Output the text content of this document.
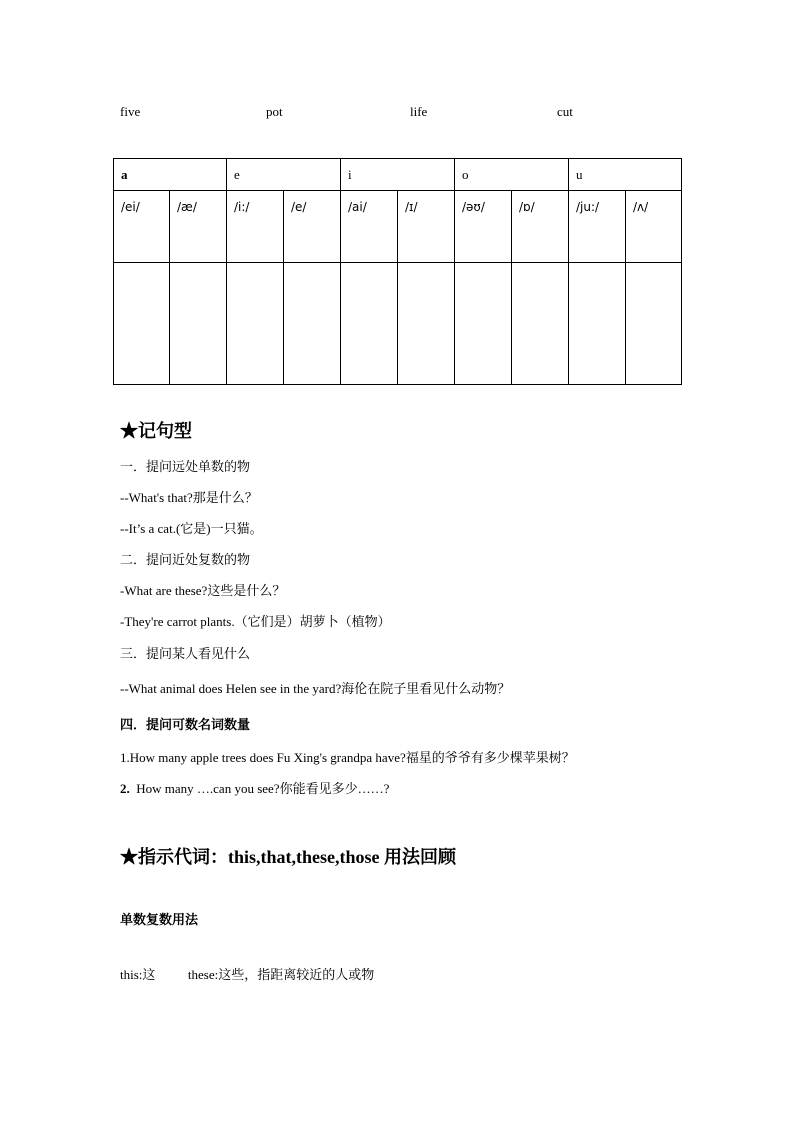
five	pot	life	cut
a		e		i		o		u	
/ei/	/æ/	/i:/	/e/	/ai/	/ɪ/	/əʊ/	/ɒ/	/ju:/	/ʌ/

★记句型
一．提问远处单数的物
--What's that?那是什么？
--It’s a cat.(它是)一只猫。
二．提问近处复数的物
-What are these?这些是什么？
-They're carrot plants.（它们是）胡萝卜（植物）
三．提问某人看见什么
--What animal does Helen see in the yard?海伦在院子里看见什么动物？
四．提问可数名词数量
1.How many apple trees does Fu Xing's grandpa have?福星的爷爷有多少棵苹果树？
2. How many ….can you see?你能看见多少……?
★指示代词：this,that,these,those 用法回顾
单数复数用法
this:这	these:这些，指距离较近的人或物
